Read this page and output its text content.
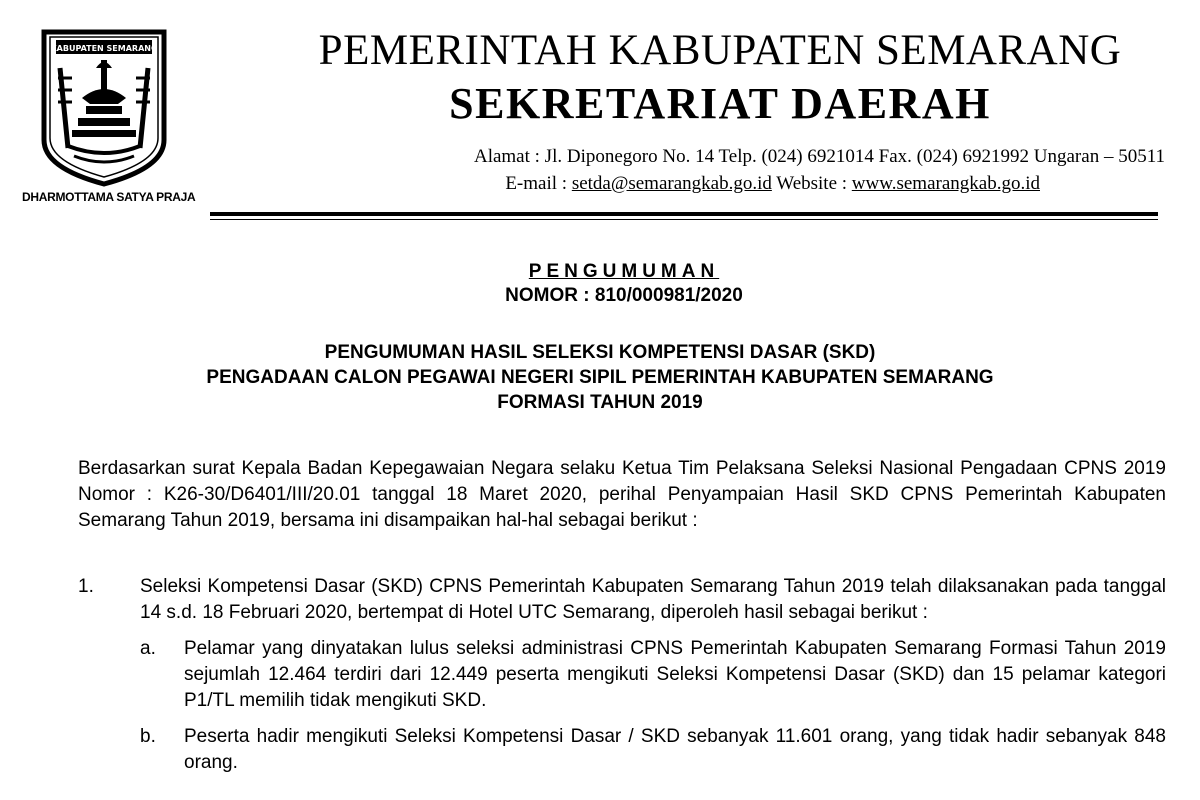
KABUPATEN SEMARANG
DHARMOTTAMA SATYA PRAJA
PEMERINTAH KABUPATEN SEMARANG
SEKRETARIAT DAERAH
Alamat : Jl. Diponegoro No. 14 Telp. (024) 6921014 Fax. (024) 6921992 Ungaran – 50511
E-mail : setda@semarangkab.go.id Website : www.semarangkab.go.id
PENGUMUMAN
NOMOR : 810/000981/2020
PENGUMUMAN HASIL SELEKSI KOMPETENSI DASAR (SKD)
PENGADAAN CALON PEGAWAI NEGERI SIPIL PEMERINTAH KABUPATEN SEMARANG
FORMASI TAHUN 2019
Berdasarkan surat Kepala Badan Kepegawaian Negara selaku Ketua Tim Pelaksana Seleksi Nasional Pengadaan CPNS 2019 Nomor : K26-30/D6401/III/20.01 tanggal 18 Maret 2020, perihal Penyampaian Hasil SKD CPNS Pemerintah Kabupaten Semarang Tahun 2019, bersama ini disampaikan hal-hal sebagai berikut :
1. Seleksi Kompetensi Dasar (SKD) CPNS Pemerintah Kabupaten Semarang Tahun 2019 telah dilaksanakan pada tanggal 14 s.d. 18 Februari 2020, bertempat di Hotel UTC Semarang, diperoleh hasil sebagai berikut :
a. Pelamar yang dinyatakan lulus seleksi administrasi CPNS Pemerintah Kabupaten Semarang Formasi Tahun 2019 sejumlah 12.464 terdiri dari 12.449 peserta mengikuti Seleksi Kompetensi Dasar (SKD) dan 15 pelamar kategori P1/TL memilih tidak mengikuti SKD.
b. Peserta hadir mengikuti Seleksi Kompetensi Dasar / SKD sebanyak 11.601 orang, yang tidak hadir sebanyak 848 orang.
